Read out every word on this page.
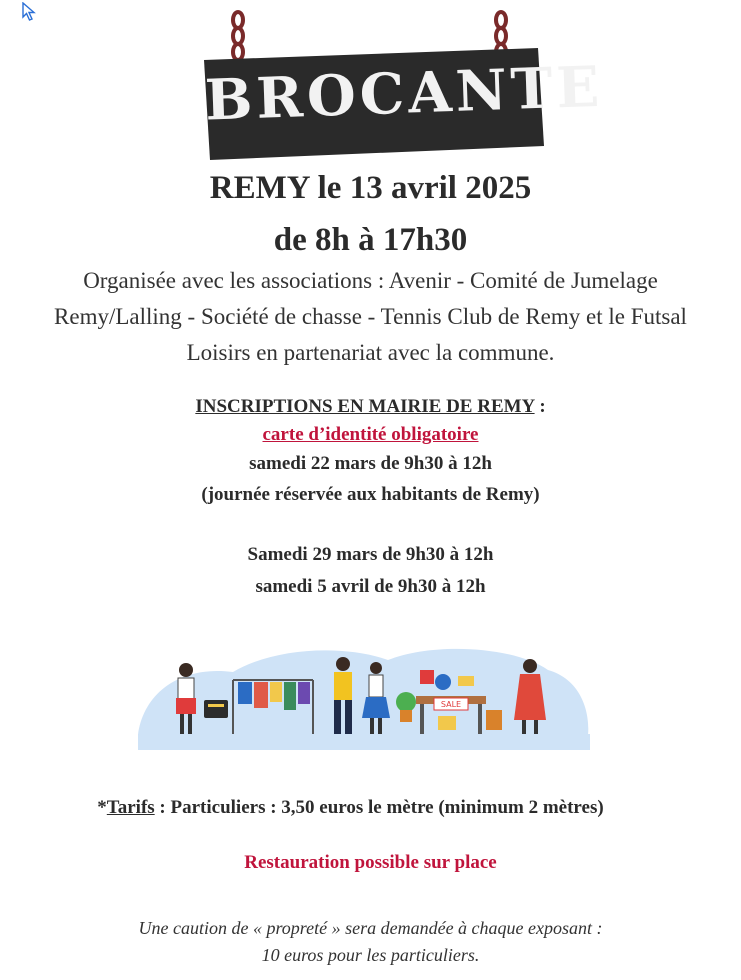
BROCANTE
REMY le 13 avril 2025
de 8h à 17h30
Organisée avec les associations : Avenir - Comité de Jumelage
Remy/Lalling - Société de chasse - Tennis Club de Remy et le Futsal
Loisirs en partenariat avec la commune.
INSCRIPTIONS EN MAIRIE DE REMY :
carte d’identité obligatoire
samedi 22 mars de 9h30 à 12h
(journée réservée aux habitants de Remy)
Samedi 29 mars de 9h30 à 12h
samedi 5 avril de 9h30 à 12h
SALE
*Tarifs : Particuliers : 3,50 euros le mètre (minimum 2 mètres)
Restauration possible sur place
Une caution de « propreté » sera demandée à chaque exposant :
10 euros pour les particuliers.
